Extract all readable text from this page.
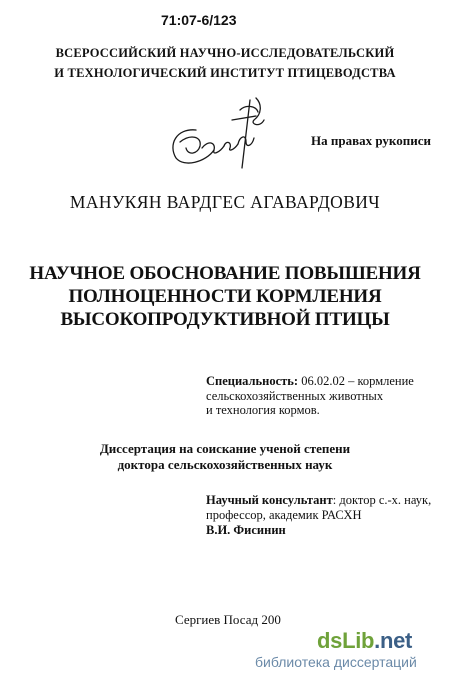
71:07-6/123
ВСЕРОССИЙСКИЙ НАУЧНО-ИССЛЕДОВАТЕЛЬСКИЙ
И ТЕХНОЛОГИЧЕСКИЙ ИНСТИТУТ ПТИЦЕВОДСТВА
На правах рукописи
МАНУКЯН ВАРДГЕС АГАВАРДОВИЧ
НАУЧНОЕ ОБОСНОВАНИЕ ПОВЫШЕНИЯ
ПОЛНОЦЕННОСТИ КОРМЛЕНИЯ
ВЫСОКОПРОДУКТИВНОЙ ПТИЦЫ
Специальность: 06.02.02 – кормление
сельскохозяйственных животных
и технология кормов.
Диссертация на соискание ученой степени
доктора сельскохозяйственных наук
Научный консультант: доктор с.-х. наук,
профессор, академик РАСХН
В.И. Фисинин
Сергиев Посад 200
dsLib.net
библиотека диссертаций
